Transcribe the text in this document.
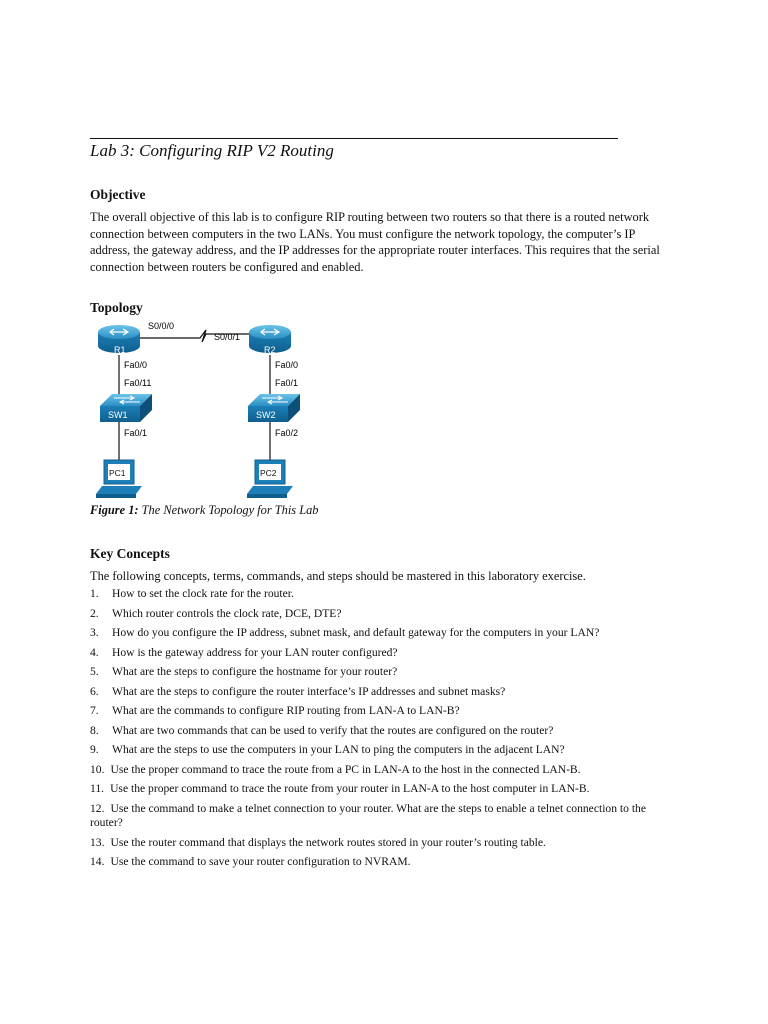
Lab 3: Configuring RIP V2 Routing
Objective

The overall objective of this lab is to configure RIP routing between two routers so that there is a routed network connection between computers in the two LANs. You must configure the network topology, the computer’s IP address, the gateway address, and the IP addresses for the appropriate router interfaces. This requires that the serial connection between routers be configured and enabled.

Topology
S0/0/0
S0/0/1
R1	R2
Fa0/0
Fa0/11
Fa0/0
Fa0/1
SW1	SW2
Fa0/1	Fa0/2
PC1	PC2
Figure 1: The Network Topology for This Lab
Key Concepts
The following concepts, terms, commands, and steps should be mastered in this laboratory exercise.
1. How to set the clock rate for the router.
2. Which router controls the clock rate, DCE, DTE?
3. How do you configure the IP address, subnet mask, and default gateway for the computers in your LAN?
4. How is the gateway address for your LAN router configured?
5. What are the steps to configure the hostname for your router?
6. What are the steps to configure the router interface’s IP addresses and subnet masks?
7. What are the commands to configure RIP routing from LAN-A to LAN-B?
8. What are two commands that can be used to verify that the routes are configured on the router?
9. What are the steps to use the computers in your LAN to ping the computers in the adjacent LAN?
10. Use the proper command to trace the route from a PC in LAN-A to the host in the connected LAN-B.
11. Use the proper command to trace the route from your router in LAN-A to the host computer in LAN-B.
12. Use the command to make a telnet connection to your router. What are the steps to enable a telnet connection to the router?
13. Use the router command that displays the network routes stored in your router’s routing table.
14. Use the command to save your router configuration to NVRAM.
